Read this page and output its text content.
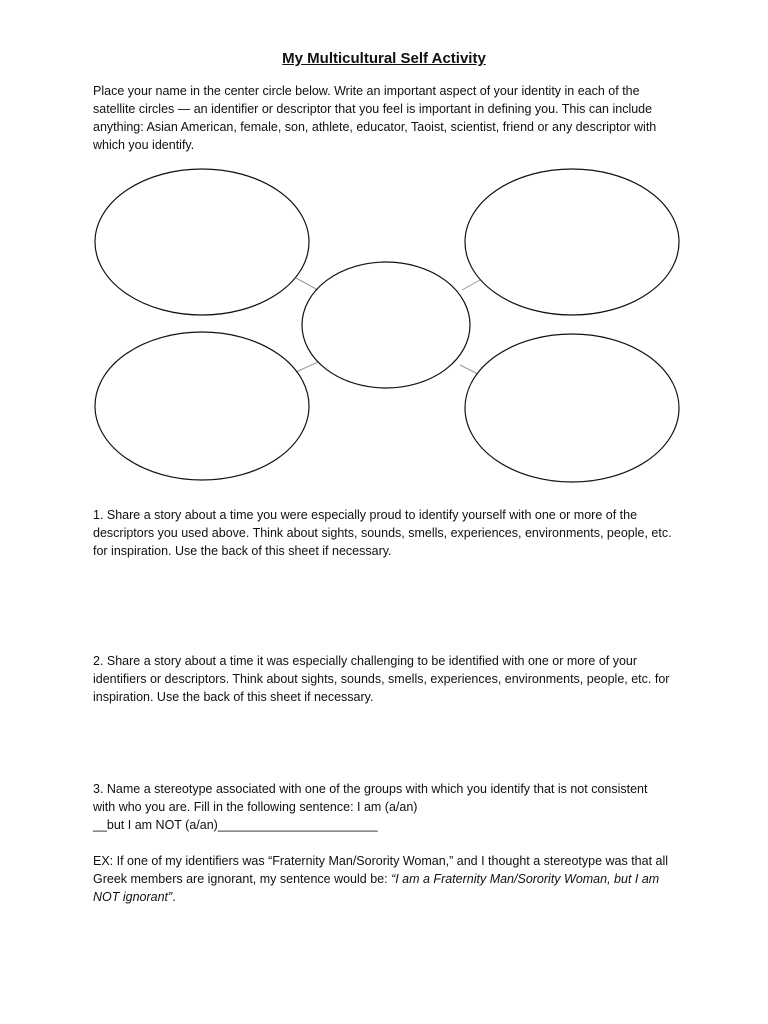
My Multicultural Self Activity
Place your name in the center circle below. Write an important aspect of your identity in each of the satellite circles — an identifier or descriptor that you feel is important in defining you. This can include anything: Asian American, female, son, athlete, educator, Taoist, scientist, friend or any descriptor with which you identify.
1. Share a story about a time you were especially proud to identify yourself with one or more of the descriptors you used above. Think about sights, sounds, smells, experiences, environments, people, etc. for inspiration. Use the back of this sheet if necessary.
2. Share a story about a time it was especially challenging to be identified with one or more of your identifiers or descriptors. Think about sights, sounds, smells, experiences, environments, people, etc. for inspiration. Use the back of this sheet if necessary.
3. Name a stereotype associated with one of the groups with which you identify that is not consistent with who you are. Fill in the following sentence: I am (a/an)
__but I am NOT (a/an)_______________________
EX: If one of my identifiers was “Fraternity Man/Sorority Woman,” and I thought a stereotype was that all Greek members are ignorant, my sentence would be: “I am a Fraternity Man/Sorority Woman, but I am NOT ignorant”.
